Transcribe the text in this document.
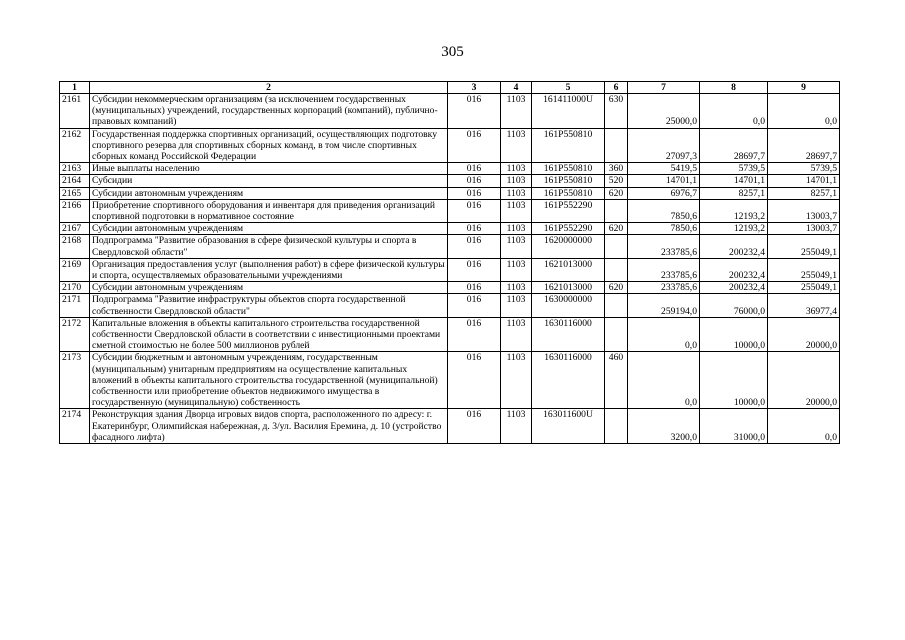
305
1	2	3	4	5	6	7	8	9
2161	Субсидии некоммерческим организациям (за исключением государственных (муниципальных) учреждений, государственных корпораций (компаний), публично-правовых компаний)	016	1103	161411000U	630	25000,0	0,0	0,0
2162	Государственная поддержка спортивных организаций, осуществляющих подготовку спортивного резерва для спортивных сборных команд, в том числе спортивных сборных команд Российской Федерации	016	1103	161P550810		27097,3	28697,7	28697,7
2163	Иные выплаты населению	016	1103	161P550810	360	5419,5	5739,5	5739,5
2164	Субсидии	016	1103	161P550810	520	14701,1	14701,1	14701,1
2165	Субсидии автономным учреждениям	016	1103	161P550810	620	6976,7	8257,1	8257,1
2166	Приобретение спортивного оборудования и инвентаря для приведения организаций спортивной подготовки в нормативное состояние	016	1103	161P552290		7850,6	12193,2	13003,7
2167	Субсидии автономным учреждениям	016	1103	161P552290	620	7850,6	12193,2	13003,7
2168	Подпрограмма "Развитие образования в сфере физической культуры и спорта в Свердловской области"	016	1103	1620000000		233785,6	200232,4	255049,1
2169	Организация предоставления услуг (выполнения работ) в сфере физической культуры и спорта, осуществляемых образовательными учреждениями	016	1103	1621013000		233785,6	200232,4	255049,1
2170	Субсидии автономным учреждениям	016	1103	1621013000	620	233785,6	200232,4	255049,1
2171	Подпрограмма "Развитие инфраструктуры объектов спорта государственной собственности Свердловской области"	016	1103	1630000000		259194,0	76000,0	36977,4
2172	Капитальные вложения в объекты капитального строительства государственной собственности Свердловской области в соответствии с инвестиционными проектами сметной стоимостью не более 500 миллионов рублей	016	1103	1630116000		0,0	10000,0	20000,0
2173	Субсидии бюджетным и автономным учреждениям, государственным (муниципальным) унитарным предприятиям на осуществление капитальных вложений в объекты капитального строительства государственной (муниципальной) собственности или приобретение объектов недвижимого имущества в государственную (муниципальную) собственность	016	1103	1630116000	460	0,0	10000,0	20000,0
2174	Реконструкция здания Дворца игровых видов спорта, расположенного по адресу: г. Екатеринбург, Олимпийская набережная, д. 3/ул. Василия Еремина, д. 10 (устройство фасадного лифта)	016	1103	163011600U		3200,0	31000,0	0,0
